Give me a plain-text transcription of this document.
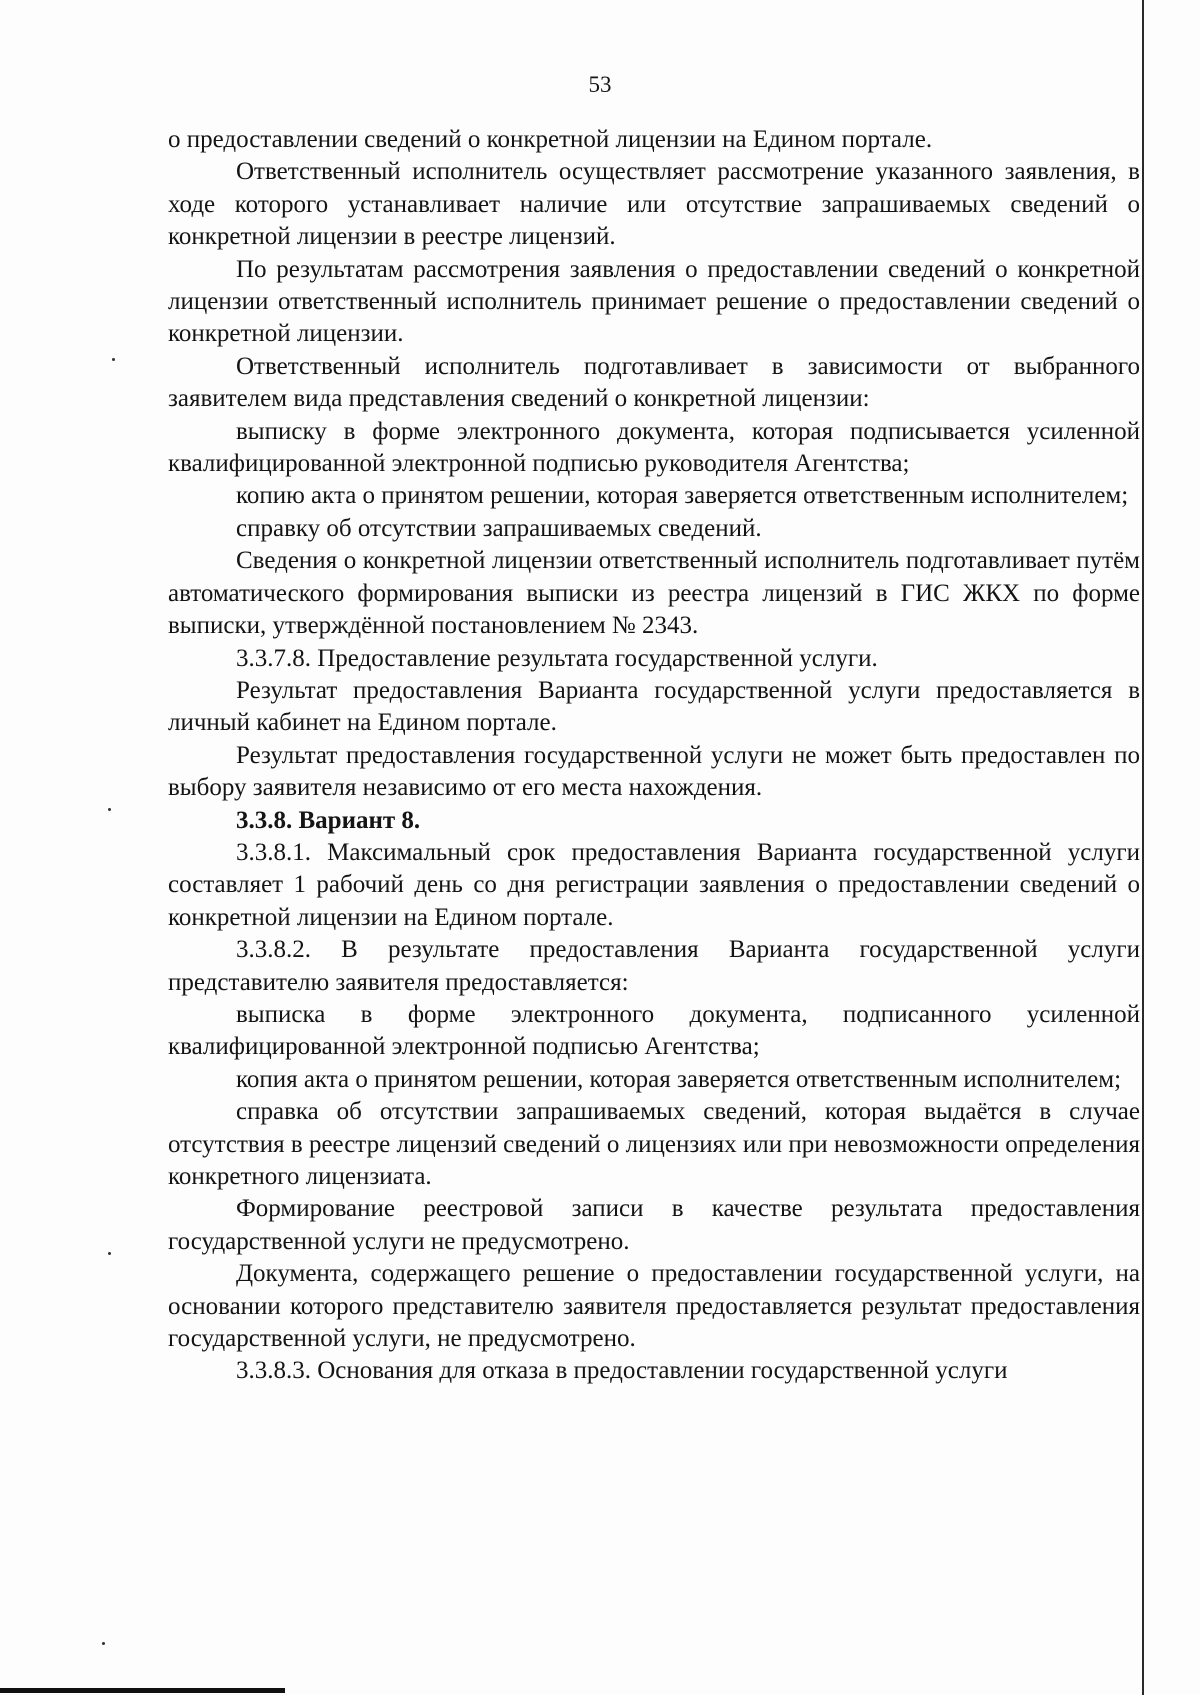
53

о предоставлении сведений о конкретной лицензии на Едином портале.

Ответственный исполнитель осуществляет рассмотрение указанного заявления, в ходе которого устанавливает наличие или отсутствие запрашиваемых сведений о конкретной лицензии в реестре лицензий.

По результатам рассмотрения заявления о предоставлении сведений о конкретной лицензии ответственный исполнитель принимает решение о предоставлении сведений о конкретной лицензии.

Ответственный исполнитель подготавливает в зависимости от выбранного заявителем вида представления сведений о конкретной лицензии:

выписку в форме электронного документа, которая подписывается усиленной квалифицированной электронной подписью руководителя Агентства;

копию акта о принятом решении, которая заверяется ответственным исполнителем;

справку об отсутствии запрашиваемых сведений.

Сведения о конкретной лицензии ответственный исполнитель подготавливает путём автоматического формирования выписки из реестра лицензий в ГИС ЖКХ по форме выписки, утверждённой постановлением № 2343.

3.3.7.8. Предоставление результата государственной услуги.

Результат предоставления Варианта государственной услуги предоставляется в личный кабинет на Едином портале.

Результат предоставления государственной услуги не может быть предоставлен по выбору заявителя независимо от его места нахождения.

3.3.8. Вариант 8.

3.3.8.1. Максимальный срок предоставления Варианта государственной услуги составляет 1 рабочий день со дня регистрации заявления о предоставлении сведений о конкретной лицензии на Едином портале.

3.3.8.2. В результате предоставления Варианта государственной услуги представителю заявителя предоставляется:

выписка в форме электронного документа, подписанного усиленной квалифицированной электронной подписью Агентства;

копия акта о принятом решении, которая заверяется ответственным исполнителем;

справка об отсутствии запрашиваемых сведений, которая выдаётся в случае отсутствия в реестре лицензий сведений о лицензиях или при невозможности определения конкретного лицензиата.

Формирование реестровой записи в качестве результата предоставления государственной услуги не предусмотрено.

Документа, содержащего решение о предоставлении государственной услуги, на основании которого представителю заявителя предоставляется результат предоставления государственной услуги, не предусмотрено.

3.3.8.3. Основания для отказа в предоставлении государственной услуги
